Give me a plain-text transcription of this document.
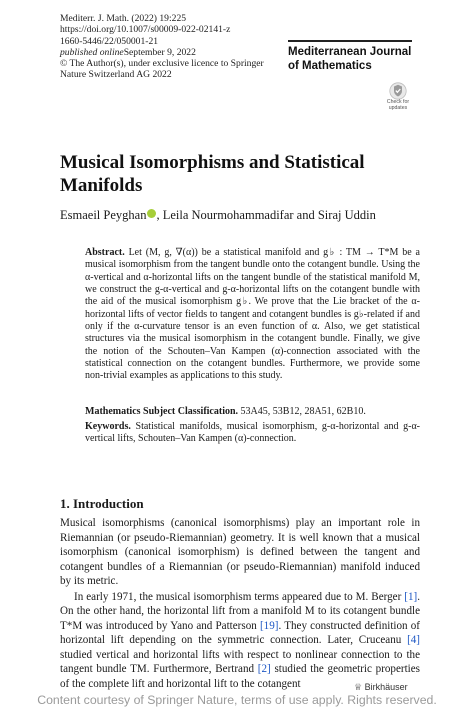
Mediterr. J. Math. (2022) 19:225
https://doi.org/10.1007/s00009-022-02141-z
1660-5446/22/050001-21
published onlineSeptember 9, 2022
© The Author(s), under exclusive licence to Springer
Nature Switzerland AG 2022
Mediterranean Journal
of Mathematics
Check for
updates
Musical Isomorphisms and Statistical
Manifolds
Esmaeil Peyghan , Leila Nourmohammadifar and Siraj Uddin

Abstract. Let (M, g, ∇(α)) be a statistical manifold and g♭ : TM → T*M be a musical isomorphism from the tangent bundle onto the cotangent bundle. Using the α-vertical and α-horizontal lifts on the tangent bundle of the statistical manifold M, we construct the g-α-vertical and g-α-horizontal lifts on the cotangent bundle with the aid of the musical isomorphism g♭. We prove that the Lie bracket of the α-horizontal lifts of vector fields to tangent and cotangent bundles is g♭-related if and only if the α-curvature tensor is an even function of α. Also, we get statistical structures via the musical isomorphism in the cotangent bundle. Finally, we give the notion of the Schouten–Van Kampen (α)-connection associated with the statistical connection on the cotangent bundles. Furthermore, we provide some non-trivial examples as applications to this study.

Mathematics Subject Classification. 53A45, 53B12, 28A51, 62B10.

Keywords. Statistical manifolds, musical isomorphism, g-α-horizontal and g-α-vertical lifts, Schouten–Van Kampen (α)-connection.

1. Introduction

Musical isomorphisms (canonical isomorphisms) play an important role in Riemannian (or pseudo-Riemannian) geometry. It is well known that a musical isomorphism (canonical isomorphism) is defined between the tangent and cotangent bundles of a Riemannian (or pseudo-Riemannian) manifold induced by its metric.

In early 1971, the musical isomorphism terms appeared due to M. Berger [1]. On the other hand, the horizontal lift from a manifold M to its cotangent bundle T*M was introduced by Yano and Patterson [19]. They constructed definition of horizontal lift depending on the symmetric connection. Later, Cruceanu [4] studied vertical and horizontal lifts with respect to nonlinear connection to the tangent bundle TM. Furthermore, Bertrand [2] studied the geometric properties of the complete lift and horizontal lift to the cotangent	♕ Birkhäuser
Content courtesy of Springer Nature, terms of use apply. Rights reserved.
